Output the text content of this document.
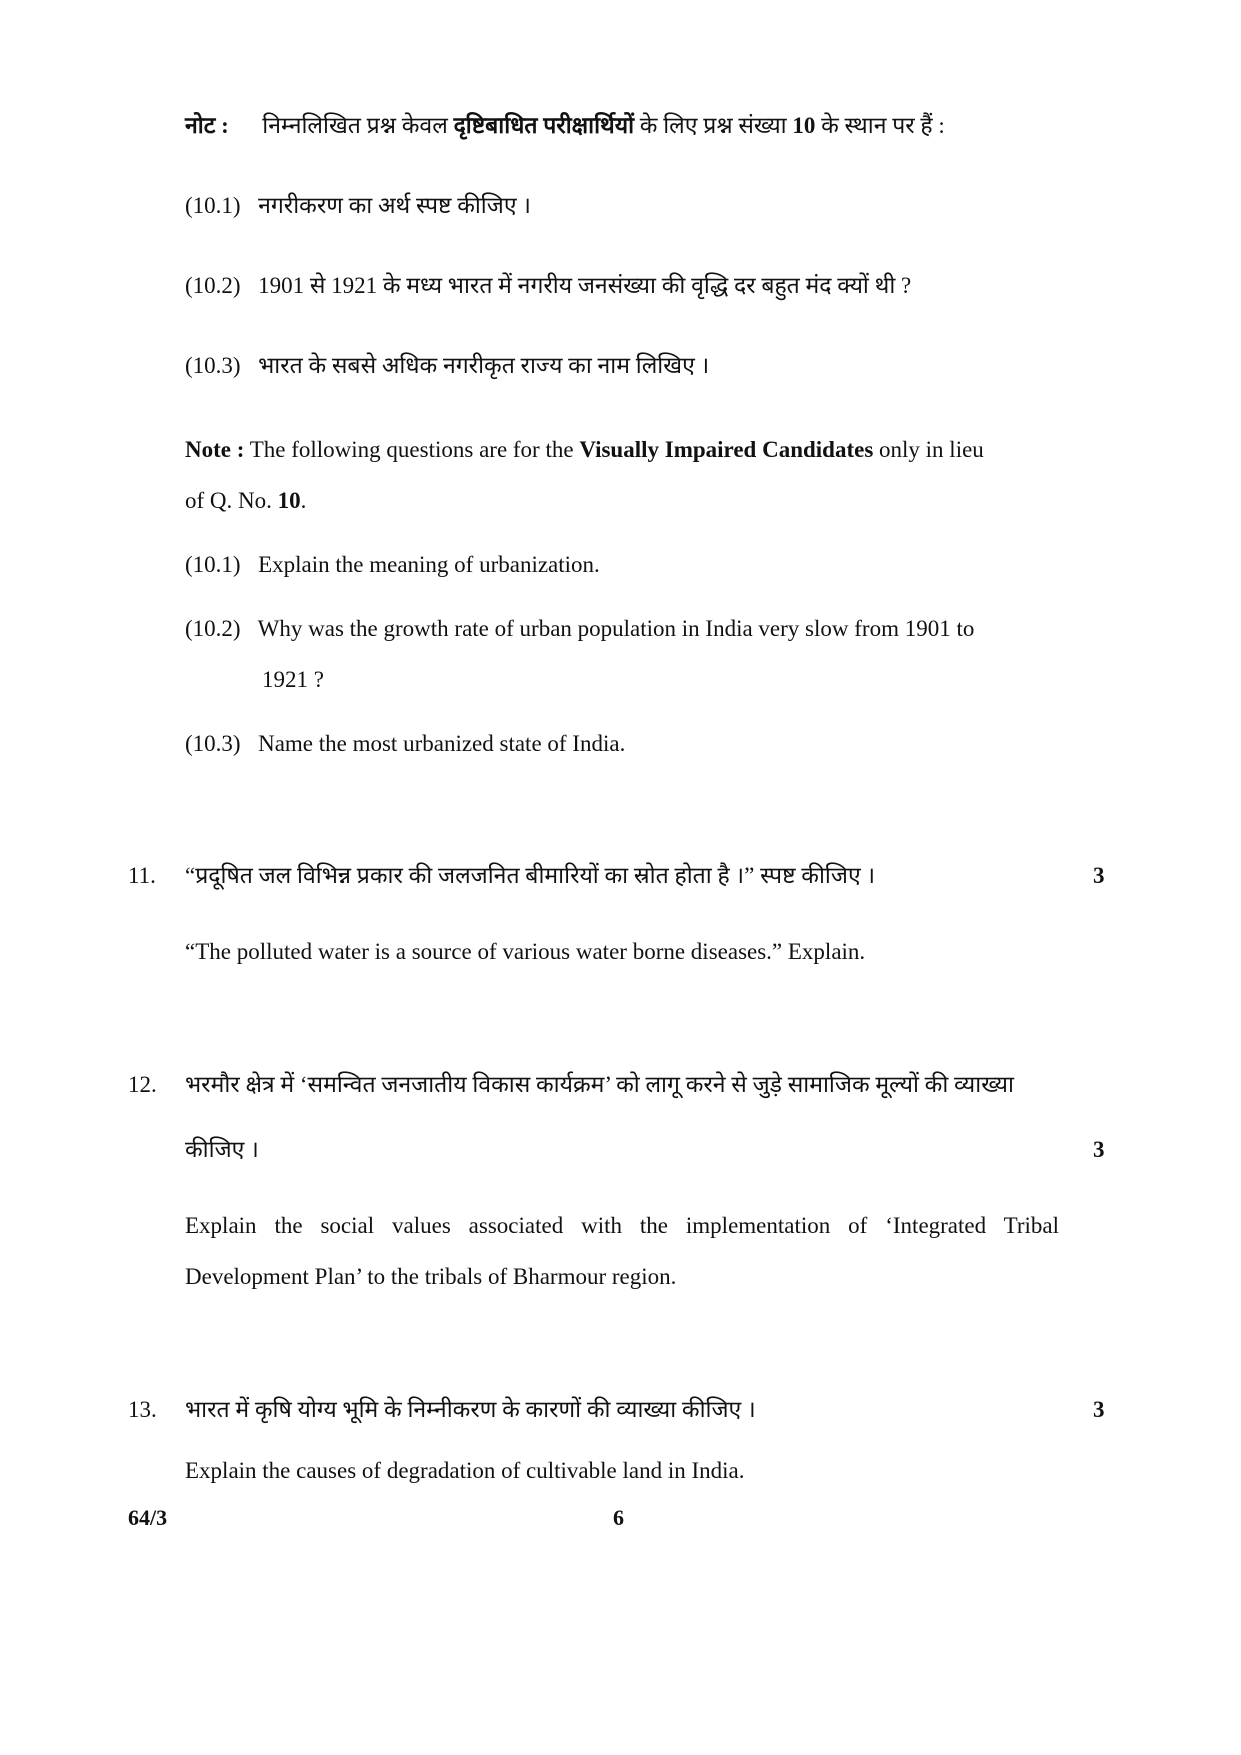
नोट : निम्नलिखित प्रश्न केवल दृष्टिबाधित परीक्षार्थियों के लिए प्रश्न संख्या 10 के स्थान पर हैं :
(10.1) नगरीकरण का अर्थ स्पष्ट कीजिए ।
(10.2) 1901 से 1921 के मध्य भारत में नगरीय जनसंख्या की वृद्धि दर बहुत मंद क्यों थी ?
(10.3) भारत के सबसे अधिक नगरीकृत राज्य का नाम लिखिए ।
Note : The following questions are for the Visually Impaired Candidates only in lieu
of Q. No. 10.
(10.1) Explain the meaning of urbanization.
(10.2) Why was the growth rate of urban population in India very slow from 1901 to
1921 ?
(10.3) Name the most urbanized state of India.
11. “प्रदूषित जल विभिन्न प्रकार की जलजनित बीमारियों का स्रोत होता है ।” स्पष्ट कीजिए ।	3
“The polluted water is a source of various water borne diseases.” Explain.
12. भरमौर क्षेत्र में ‘समन्वित जनजातीय विकास कार्यक्रम’ को लागू करने से जुड़े सामाजिक मूल्यों की व्याख्या
कीजिए ।	3
Explain the social values associated with the implementation of ‘Integrated Tribal
Development Plan’ to the tribals of Bharmour region.
13. भारत में कृषि योग्य भूमि के निम्नीकरण के कारणों की व्याख्या कीजिए ।	3
Explain the causes of degradation of cultivable land in India.
64/3	6
